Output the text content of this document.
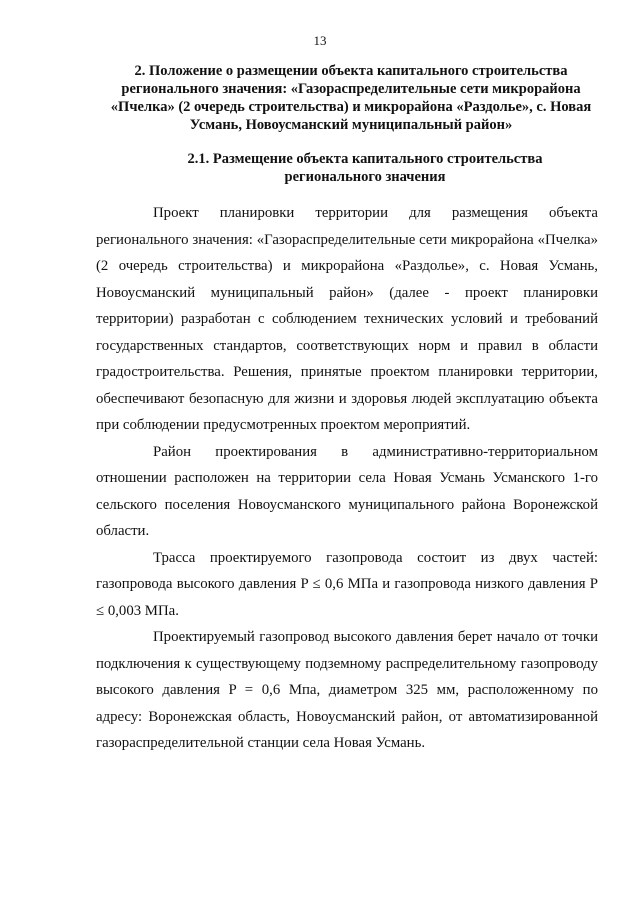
13
2. Положение о размещении объекта капитального строительства регионального значения: «Газораспределительные сети микрорайона «Пчелка» (2 очередь строительства) и микрорайона «Раздолье», с. Новая Усмань, Новоусманский муниципальный район»
2.1. Размещение объекта капитального строительства регионального значения

Проект планировки территории для размещения объекта регионального значения: «Газораспределительные сети микрорайона «Пчелка» (2 очередь строительства) и микрорайона «Раздолье», с. Новая Усмань, Новоусманский муниципальный район» (далее - проект планировки территории) разработан с соблюдением технических условий и требований государственных стандартов, соответствующих норм и правил в области градостроительства. Решения, принятые проектом планировки территории, обеспечивают безопасную для жизни и здоровья людей эксплуатацию объекта при соблюдении предусмотренных проектом мероприятий.

Район проектирования в административно-территориальном отношении расположен на территории села Новая Усмань Усманского 1-го сельского поселения Новоусманского муниципального района Воронежской области.

Трасса проектируемого газопровода состоит из двух частей: газопровода высокого давления P ≤ 0,6 МПа и газопровода низкого давления P ≤ 0,003 МПа.

Проектируемый газопровод высокого давления берет начало от точки подключения к существующему подземному распределительному газопроводу высокого давления P = 0,6 Мпа, диаметром 325 мм, расположенному по адресу: Воронежская область, Новоусманский район, от автоматизированной газораспределительной станции села Новая Усмань.
